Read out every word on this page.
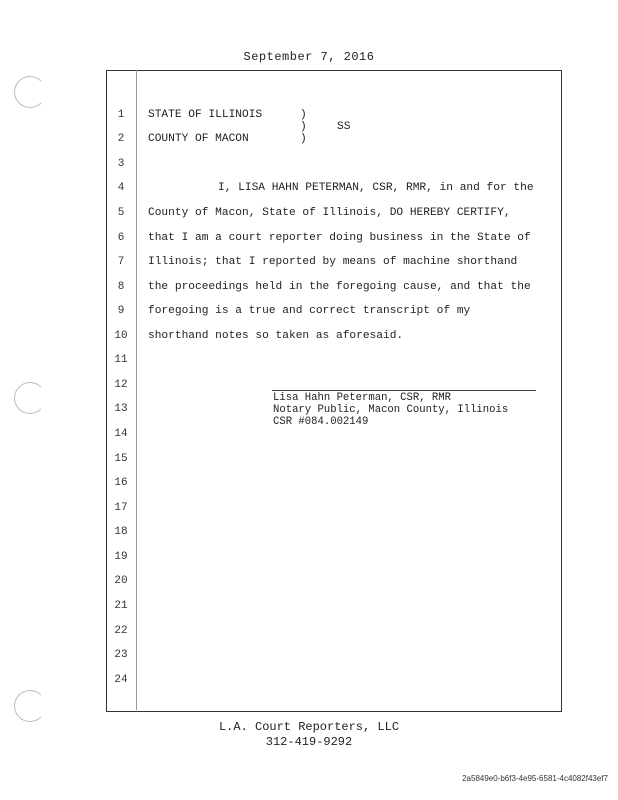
September 7, 2016
1
2
3
4
5
6
7
8
9
10
11
12
13
14
15
16
17
18
19
20
21
22
23
24
STATE OF ILLINOIS
COUNTY OF MACON
)
)
)
SS
I, LISA HAHN PETERMAN, CSR, RMR, in and for the
County of Macon, State of Illinois, DO HEREBY CERTIFY,
that I am a court reporter doing business in the State of
Illinois; that I reported by means of machine shorthand
the proceedings held in the foregoing cause, and that the
foregoing is a true and correct transcript of my
shorthand notes so taken as aforesaid.
Lisa Hahn Peterman, CSR, RMR
Notary Public, Macon County, Illinois
CSR #084.002149
L.A. Court Reporters, LLC
312-419-9292
2a5849e0-b6f3-4e95-6581-4c4082f43ef7
